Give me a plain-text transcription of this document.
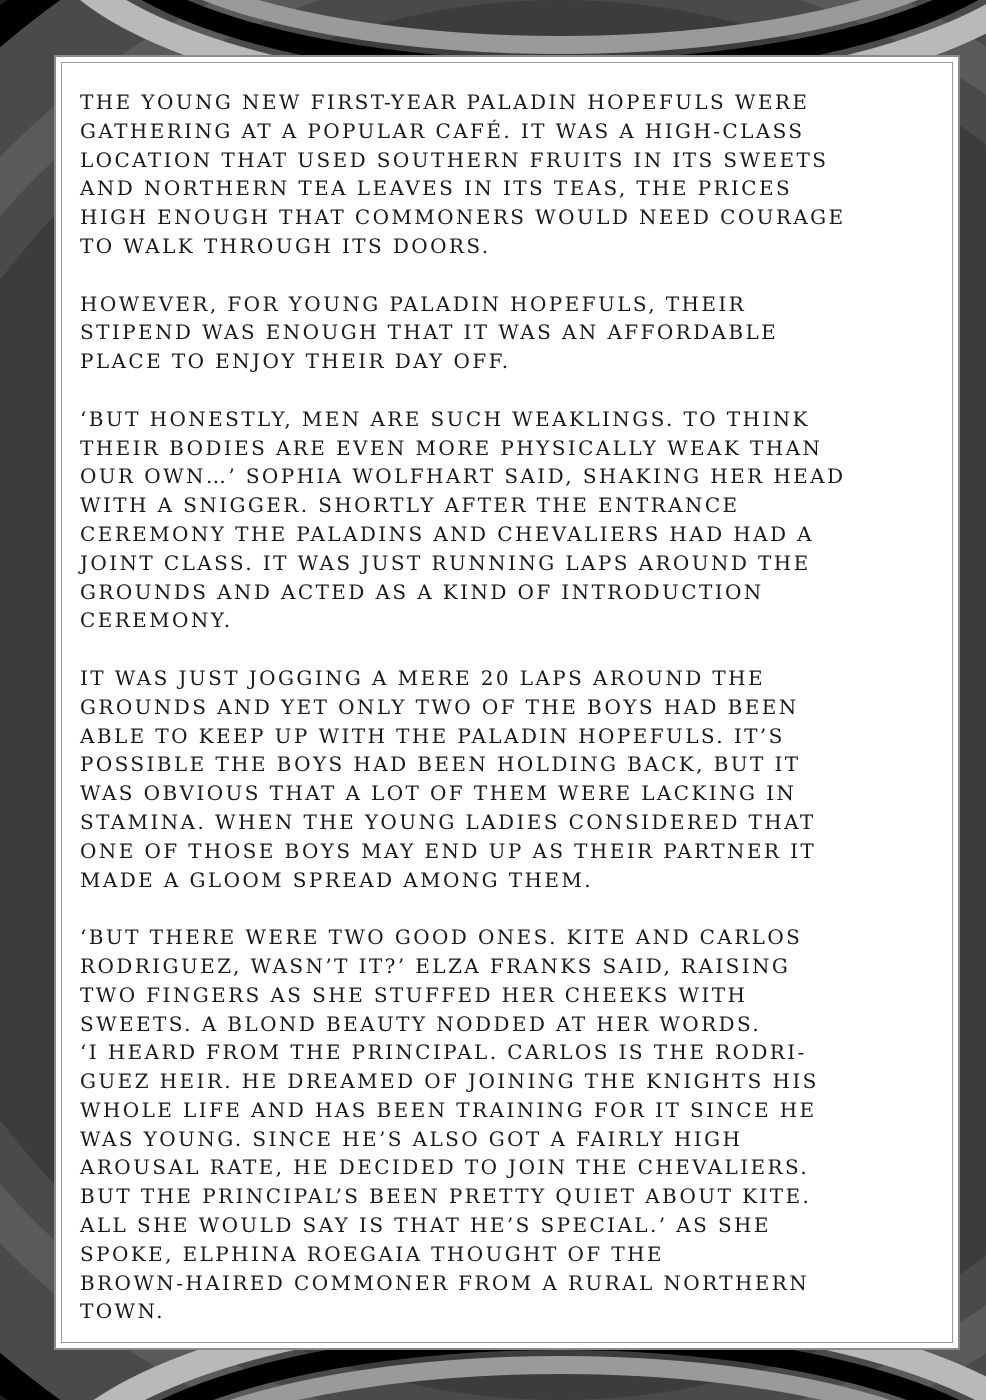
THE YOUNG NEW FIRST-YEAR PALADIN HOPEFULS WERE
GATHERING AT A POPULAR CAFÉ. IT WAS A HIGH-CLASS
LOCATION THAT USED SOUTHERN FRUITS IN ITS SWEETS
AND NORTHERN TEA LEAVES IN ITS TEAS, THE PRICES
HIGH ENOUGH THAT COMMONERS WOULD NEED COURAGE
TO WALK THROUGH ITS DOORS.

HOWEVER, FOR YOUNG PALADIN HOPEFULS, THEIR
STIPEND WAS ENOUGH THAT IT WAS AN AFFORDABLE
PLACE TO ENJOY THEIR DAY OFF.

‘BUT HONESTLY, MEN ARE SUCH WEAKLINGS. TO THINK
THEIR BODIES ARE EVEN MORE PHYSICALLY WEAK THAN
OUR OWN…’ SOPHIA WOLFHART SAID, SHAKING HER HEAD
WITH A SNIGGER. SHORTLY AFTER THE ENTRANCE
CEREMONY THE PALADINS AND CHEVALIERS HAD HAD A
JOINT CLASS. IT WAS JUST RUNNING LAPS AROUND THE
GROUNDS AND ACTED AS A KIND OF INTRODUCTION
CEREMONY.

IT WAS JUST JOGGING A MERE 20 LAPS AROUND THE
GROUNDS AND YET ONLY TWO OF THE BOYS HAD BEEN
ABLE TO KEEP UP WITH THE PALADIN HOPEFULS. IT’S
POSSIBLE THE BOYS HAD BEEN HOLDING BACK, BUT IT
WAS OBVIOUS THAT A LOT OF THEM WERE LACKING IN
STAMINA. WHEN THE YOUNG LADIES CONSIDERED THAT
ONE OF THOSE BOYS MAY END UP AS THEIR PARTNER IT
MADE A GLOOM SPREAD AMONG THEM.

‘BUT THERE WERE TWO GOOD ONES. KITE AND CARLOS
RODRIGUEZ, WASN’T IT?’ ELZA FRANKS SAID, RAISING
TWO FINGERS AS SHE STUFFED HER CHEEKS WITH
SWEETS. A BLOND BEAUTY NODDED AT HER WORDS.
‘I HEARD FROM THE PRINCIPAL. CARLOS IS THE RODRI-
GUEZ HEIR. HE DREAMED OF JOINING THE KNIGHTS HIS
WHOLE LIFE AND HAS BEEN TRAINING FOR IT SINCE HE
WAS YOUNG. SINCE HE’S ALSO GOT A FAIRLY HIGH
AROUSAL RATE, HE DECIDED TO JOIN THE CHEVALIERS.
BUT THE PRINCIPAL’S BEEN PRETTY QUIET ABOUT KITE.
ALL SHE WOULD SAY IS THAT HE’S SPECIAL.’ AS SHE
SPOKE, ELPHINA ROEGAIA THOUGHT OF THE
BROWN-HAIRED COMMONER FROM A RURAL NORTHERN
TOWN.
